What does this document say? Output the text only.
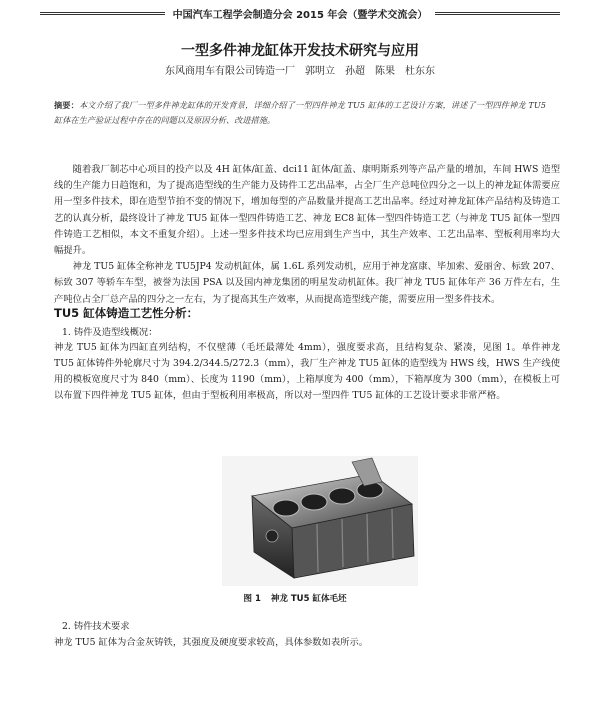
中国汽车工程学会制造分会 2015 年会（暨学术交流会）
一型多件神龙缸体开发技术研究与应用
东风商用车有限公司铸造一厂　郭明立　孙超　陈果　杜东东
摘要：本文介绍了我厂一型多件神龙缸体的开发背景，详细介绍了一型四件神龙 TU5 缸体的工艺设计方案，讲述了一型四件神龙 TU5 缸体在生产验证过程中存在的问题以及原因分析、改进措施。

随着我厂制芯中心项目的投产以及 4H 缸体/缸盖、dci11 缸体/缸盖、康明斯系列等产品产量的增加，车间 HWS 造型线的生产能力日趋饱和，为了提高造型线的生产能力及铸件工艺出品率，占全厂生产总吨位四分之一以上的神龙缸体需要应用一型多件技术，即在造型节拍不变的情况下，增加每型的产品数量并提高工艺出品率。经过对神龙缸体产品结构及铸造工艺的认真分析，最终设计了神龙 TU5 缸体一型四件铸造工艺、神龙 EC8 缸体一型四件铸造工艺（与神龙 TU5 缸体一型四件铸造工艺相似，本文不重复介绍）。上述一型多件技术均已应用到生产当中，其生产效率、工艺出品率、型板利用率均大幅提升。

神龙 TU5 缸体全称神龙 TU5JP4 发动机缸体，属 1.6L 系列发动机，应用于神龙富康、毕加索、爱丽舍、标致 207、标致 307 等轿车车型，被誉为法国 PSA 以及国内神龙集团的明星发动机缸体。我厂神龙 TU5 缸体年产 36 万件左右，生产吨位占全厂总产品的四分之一左右，为了提高其生产效率，从而提高造型线产能，需要应用一型多件技术。

TU5 缸体铸造工艺性分析：
1. 铸件及造型线概况：

神龙 TU5 缸体为四缸直列结构，不仅壁薄（毛坯最薄处 4mm），强度要求高，且结构复杂、紧凑，见图 1。单件神龙 TU5 缸体铸件外轮廓尺寸为 394.2/344.5/272.3（mm），我厂生产神龙 TU5 缸体的造型线为 HWS 线，HWS 生产线使用的模板宽度尺寸为 840（mm）、长度为 1190（mm），上箱厚度为 400（mm），下箱厚度为 300（mm），在模板上可以布置下四件神龙 TU5 缸体，但由于型板利用率极高，所以对一型四件 TU5 缸体的工艺设计要求非常严格。

图 1 神龙 TU5 缸体毛坯
2. 铸件技术要求
神龙 TU5 缸体为合金灰铸铁，其强度及硬度要求较高，具体参数如表所示。
